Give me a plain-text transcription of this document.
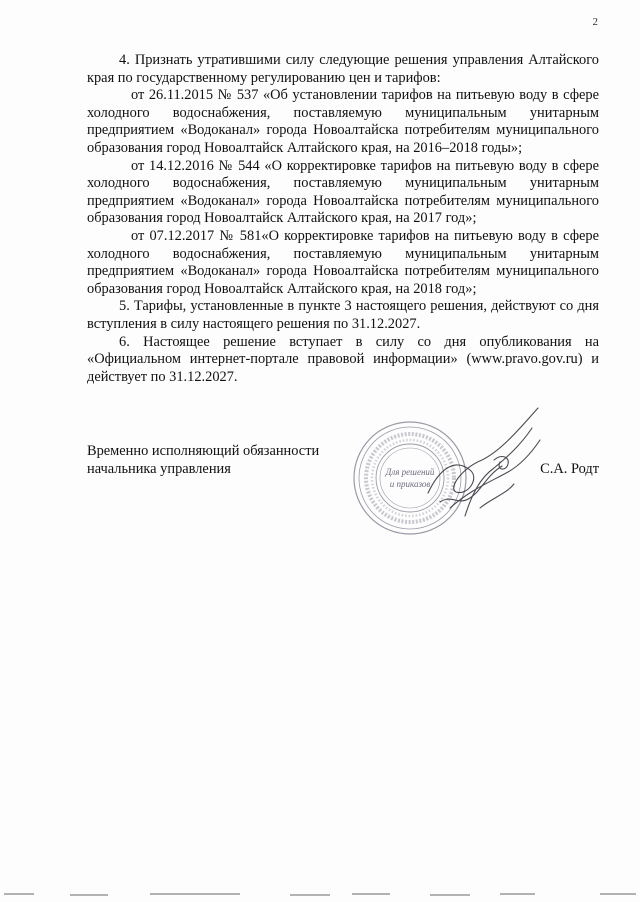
2

4. Признать утратившими силу следующие решения управления Алтайского края по государственному регулированию цен и тарифов:

от 26.11.2015 № 537 «Об установлении тарифов на питьевую воду в сфере холодного водоснабжения, поставляемую муниципальным унитарным предприятием «Водоканал» города Новоалтайска потребителям муниципального образования город Новоалтайск Алтайского края, на 2016–2018 годы»;

от 14.12.2016 № 544 «О корректировке тарифов на питьевую воду в сфере холодного водоснабжения, поставляемую муниципальным унитарным предприятием «Водоканал» города Новоалтайска потребителям муниципального образования город Новоалтайск Алтайского края, на 2017 год»;

от 07.12.2017 № 581«О корректировке тарифов на питьевую воду в сфере холодного водоснабжения, поставляемую муниципальным унитарным предприятием «Водоканал» города Новоалтайска потребителям муниципального образования город Новоалтайск Алтайского края, на 2018 год»;

5. Тарифы, установленные в пункте 3 настоящего решения, действуют со дня вступления в силу настоящего решения по 31.12.2027.

6. Настоящее решение вступает в силу со дня опубликования на «Официальном интернет-портале правовой информации» (www.pravo.gov.ru) и действует по 31.12.2027.

Временно исполняющий обязанности
начальника управления	С.А. Родт
Для решений
и приказов
